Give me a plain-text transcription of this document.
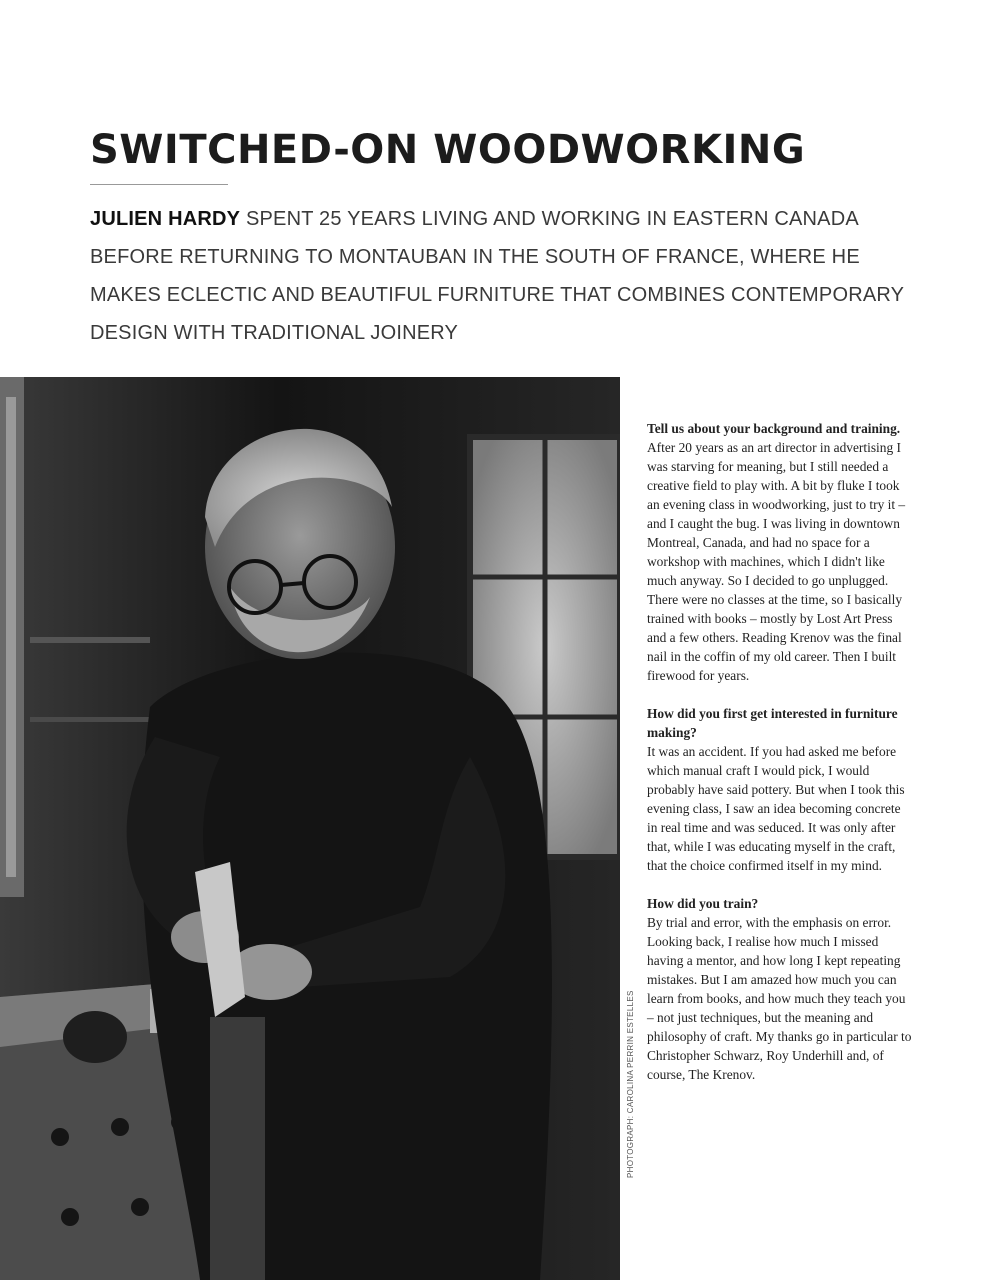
SWITCHED-ON WOODWORKING

JULIEN HARDY SPENT 25 YEARS LIVING AND WORKING IN EASTERN CANADA BEFORE RETURNING TO MONTAUBAN IN THE SOUTH OF FRANCE, WHERE HE MAKES ECLECTIC AND BEAUTIFUL FURNITURE THAT COMBINES CONTEMPORARY DESIGN WITH TRADITIONAL JOINERY

PHOTOGRAPH: CAROLINA PERRIN ESTELLES

Tell us about your background and training.

After 20 years as an art director in advertising I was starving for meaning, but I still needed a creative field to play with. A bit by fluke I took an evening class in woodworking, just to try it – and I caught the bug. I was living in downtown Montreal, Canada, and had no space for a workshop with machines, which I didn't like much anyway. So I decided to go unplugged. There were no classes at the time, so I basically trained with books – mostly by Lost Art Press and a few others. Reading Krenov was the final nail in the coffin of my old career. Then I built firewood for years.

How did you first get interested in furniture making?

It was an accident. If you had asked me before which manual craft I would pick, I would probably have said pottery. But when I took this evening class, I saw an idea becoming concrete in real time and was seduced. It was only after that, while I was educating myself in the craft, that the choice confirmed itself in my mind.

How did you train?

By trial and error, with the emphasis on error. Looking back, I realise how much I missed having a mentor, and how long I kept repeating mistakes. But I am amazed how much you can learn from books, and how much they teach you – not just techniques, but the meaning and philosophy of craft. My thanks go in particular to Christopher Schwarz, Roy Underhill and, of course, The Krenov.
